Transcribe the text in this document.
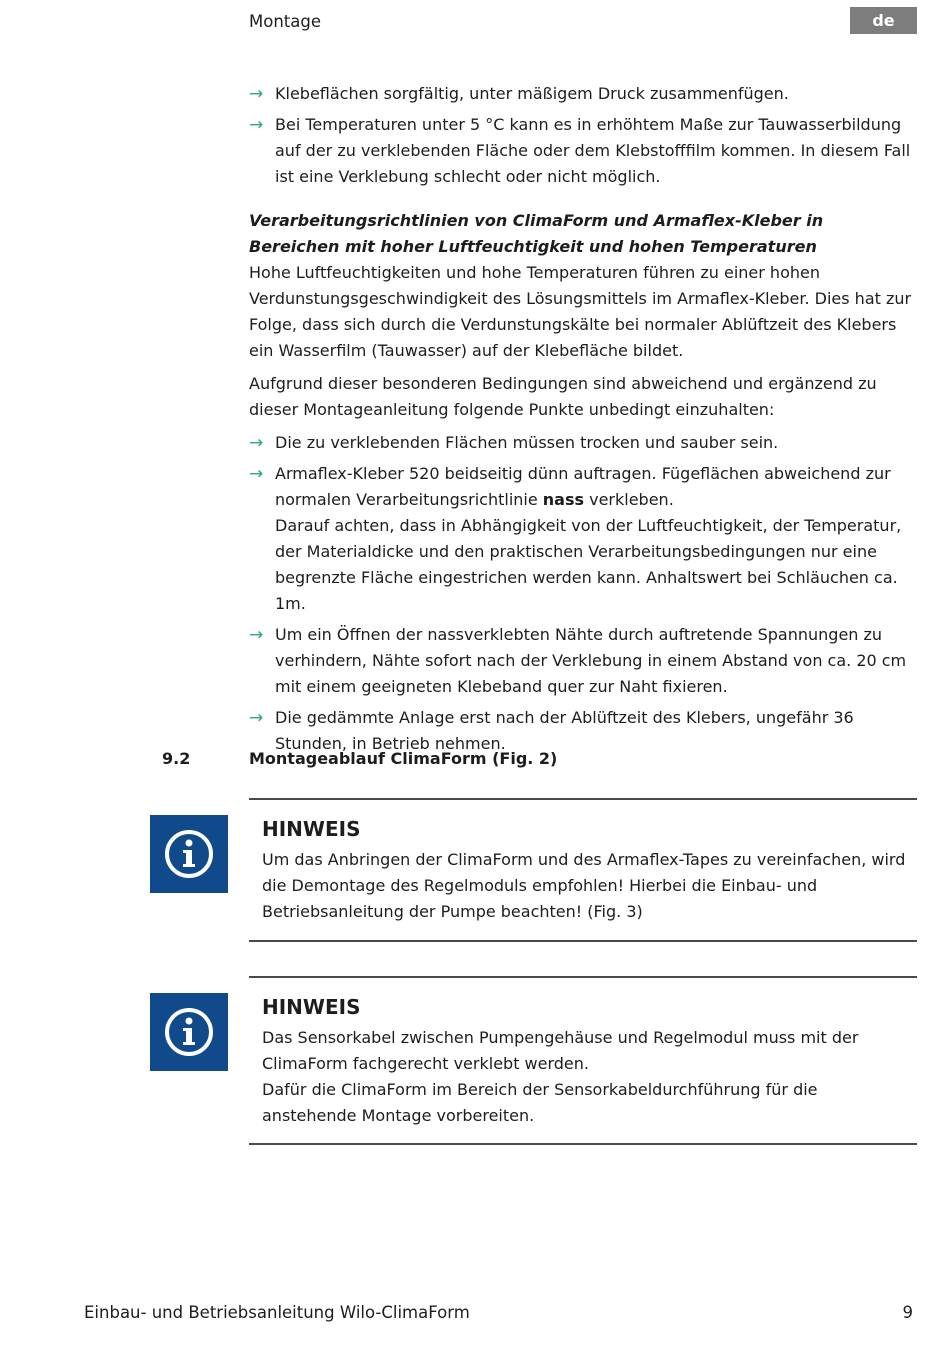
Montage	de
→ Klebeflächen sorgfältig, unter mäßigem Druck zusammenfügen.
→ Bei Temperaturen unter 5 °C kann es in erhöhtem Maße zur Tauwasserbildung auf der zu verklebenden Fläche oder dem Klebstofffilm kommen. In diesem Fall ist eine Verklebung schlecht oder nicht möglich.
Verarbeitungsrichtlinien von ClimaForm und Armaflex-Kleber in Bereichen mit hoher Luftfeuchtigkeit und hohen Temperaturen

Hohe Luftfeuchtigkeiten und hohe Temperaturen führen zu einer hohen Verdunstungsgeschwindigkeit des Lösungsmittels im Armaflex-Kleber. Dies hat zur Folge, dass sich durch die Verdunstungskälte bei normaler Ablüftzeit des Klebers ein Wasserfilm (Tauwasser) auf der Klebefläche bildet.

Aufgrund dieser besonderen Bedingungen sind abweichend und ergänzend zu dieser Montageanleitung folgende Punkte unbedingt einzuhalten:

→ Die zu verklebenden Flächen müssen trocken und sauber sein.
→ Armaflex-Kleber 520 beidseitig dünn auftragen. Fügeflächen abweichend zur normalen Verarbeitungsrichtlinie nass verkleben.
Darauf achten, dass in Abhängigkeit von der Luftfeuchtigkeit, der Temperatur, der Materialdicke und den praktischen Verarbeitungsbedingungen nur eine begrenzte Fläche eingestrichen werden kann. Anhaltswert bei Schläuchen ca. 1m.
→ Um ein Öffnen der nassverklebten Nähte durch auftretende Spannungen zu verhindern, Nähte sofort nach der Verklebung in einem Abstand von ca. 20 cm mit einem geeigneten Klebeband quer zur Naht fixieren.
→ Die gedämmte Anlage erst nach der Ablüftzeit des Klebers, ungefähr 36 Stunden, in Betrieb nehmen.
9.2	Montageablauf ClimaForm (Fig. 2)
HINWEIS
Um das Anbringen der ClimaForm und des Armaflex-Tapes zu vereinfachen, wird die Demontage des Regelmoduls empfohlen! Hierbei die Einbau- und Betriebsanleitung der Pumpe beachten! (Fig. 3)
HINWEIS
Das Sensorkabel zwischen Pumpengehäuse und Regelmodul muss mit der ClimaForm fachgerecht verklebt werden.
Dafür die ClimaForm im Bereich der Sensorkabeldurchführung für die anstehende Montage vorbereiten.
Einbau- und Betriebsanleitung Wilo-ClimaForm	9
